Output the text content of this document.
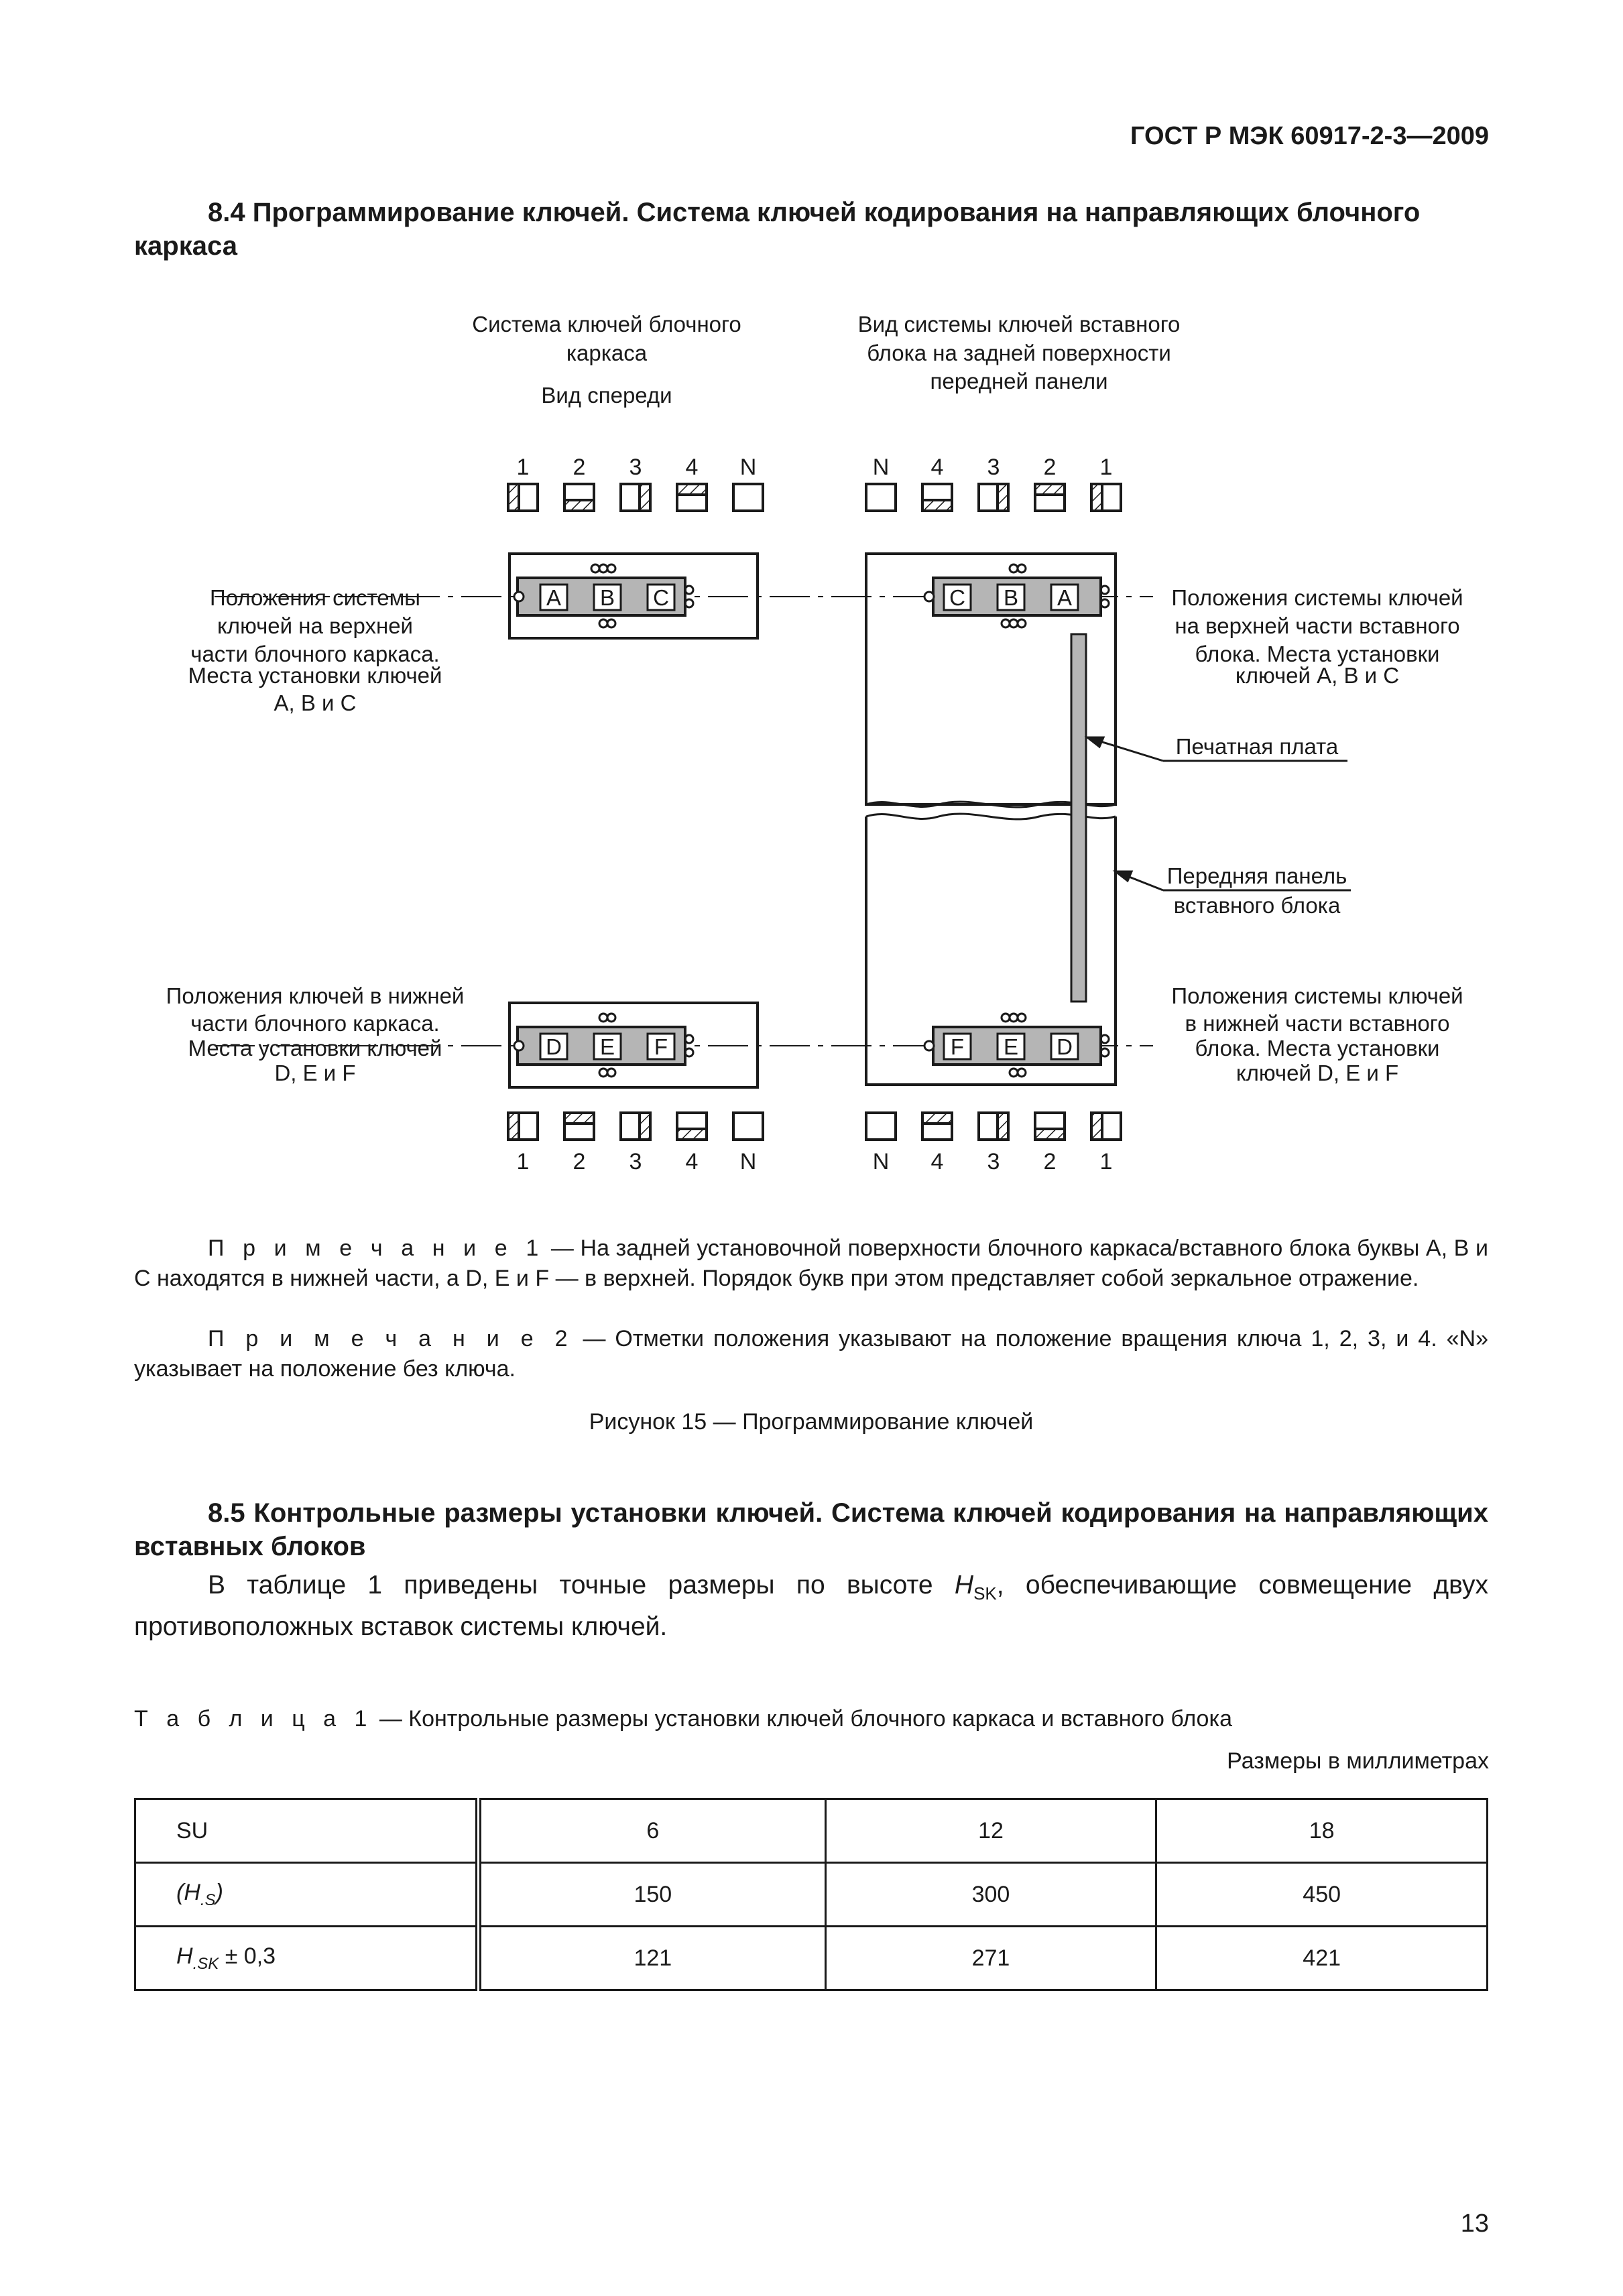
ГОСТ Р МЭК 60917-2-3—2009
8.4 Программирование ключей. Система ключей кодирования на направляющих блочного каркаса
Система ключей блочного
каркаса
Вид спереди
Вид системы ключей вставного
блока на задней поверхности
передней панели
1 2 3 4 N	N 4 3 2 1
A B C	C B A
Положения системы
ключей на верхней
части блочного каркаса.
Места установки ключей
A, B и C
Положения системы ключей
на верхней части вставного
блока. Места установки
ключей A, B и C
Печатная плата
Передняя панель
вставного блока
Положения ключей в нижней
части блочного каркаса.
Места установки ключей
D, E и F
Положения системы ключей
в нижней части вставного
блока. Места установки
ключей D, E и F
D E F	F E D
1 2 3 4 N	N 4 3 2 1
П р и м е ч а н и е 1 — На задней установочной поверхности блочного каркаса/вставного блока буквы A, B и C находятся в нижней части, а D, E и F — в верхней. Порядок букв при этом представляет собой зеркальное отражение.
П р и м е ч а н и е 2 — Отметки положения указывают на положение вращения ключа 1, 2, 3, и 4. «N» указывает на положение без ключа.
Рисунок 15 — Программирование ключей
8.5 Контрольные размеры установки ключей. Система ключей кодирования на направляющих вставных блоков
В таблице 1 приведены точные размеры по высоте $H_{SK}$, обеспечивающие совмещение двух противоположных вставок системы ключей.
Т а б л и ц а 1 — Контрольные размеры установки ключей блочного каркаса и вставного блока
Размеры в миллиметрах
SU	6	12	18
$(H_{.S})$	150	300	450
$H_{.SK} \pm 0,3$	121	271	421
13
